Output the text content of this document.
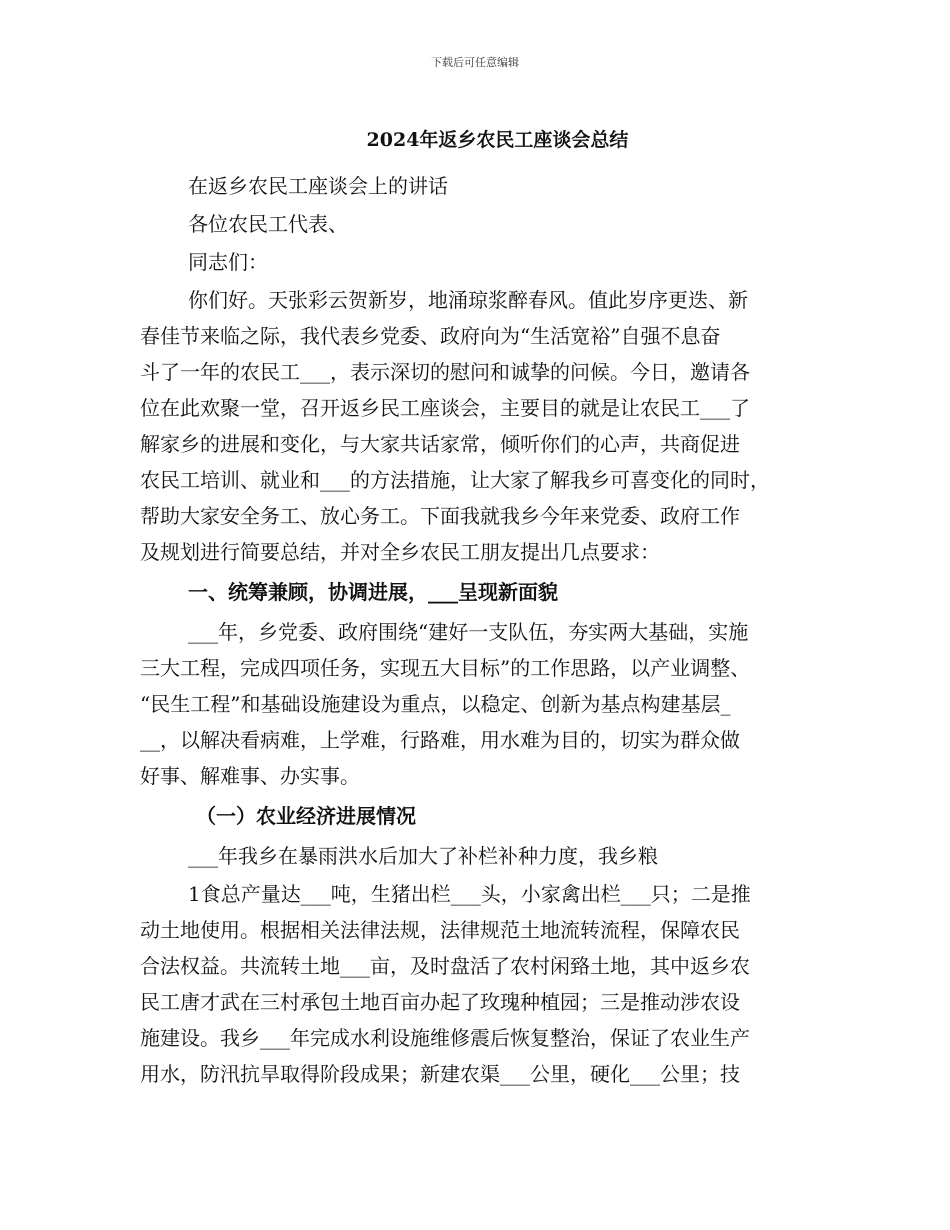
下载后可任意编辑
2024年返乡农民工座谈会总结
在返乡农民工座谈会上的讲话
各位农民工代表、
同志们：
你们好。天张彩云贺新岁，地涌琼浆醉春风。值此岁序更迭、新
春佳节来临之际，我代表乡党委、政府向为“生活宽裕”自强不息奋
斗了一年的农民工___，表示深切的慰问和诚挚的问候。今日，邀请各
位在此欢聚一堂，召开返乡民工座谈会，主要目的就是让农民工___了
解家乡的进展和变化，与大家共话家常，倾听你们的心声，共商促进
农民工培训、就业和___的方法措施，让大家了解我乡可喜变化的同时，
帮助大家安全务工、放心务工。下面我就我乡今年来党委、政府工作
及规划进行简要总结，并对全乡农民工朋友提出几点要求：
一、统筹兼顾，协调进展，___呈现新面貌
___年，乡党委、政府围绕“建好一支队伍，夯实两大基础，实施
三大工程，完成四项任务，实现五大目标”的工作思路，以产业调整、
“民生工程”和基础设施建设为重点，以稳定、创新为基点构建基层_
__，以解决看病难，上学难，行路难，用水难为目的，切实为群众做
好事、解难事、办实事。
（一）农业经济进展情况
___年我乡在暴雨洪水后加大了补栏补种力度，我乡粮
1食总产量达___吨，生猪出栏___头，小家禽出栏___只；二是推
动土地使用。根据相关法律法规，法律规范土地流转流程，保障农民
合法权益。共流转土地___亩，及时盘活了农村闲臵土地，其中返乡农
民工唐才武在三村承包土地百亩办起了玫瑰种植园；三是推动涉农设
施建设。我乡___年完成水利设施维修震后恢复整治，保证了农业生产
用水，防汛抗旱取得阶段成果；新建农渠___公里，硬化___公里；技
